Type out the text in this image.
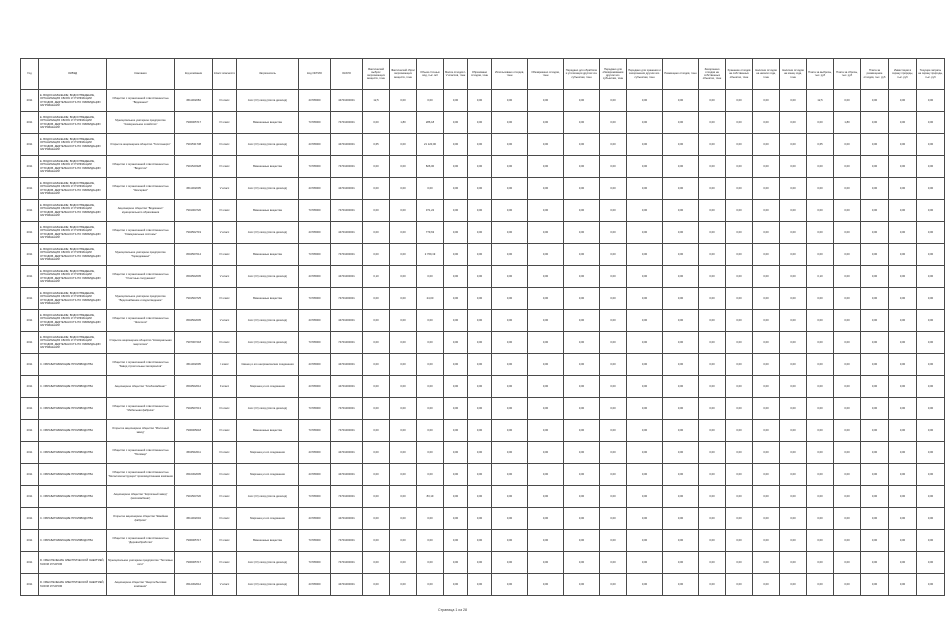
Год	ОКВЭД	Компания	Код компании	Класс опасности	Загрязнитель	Код ОКТМО	ОКАТО	Фактический выброс загрязняющих веществ, тонн	Фактический сброс загрязняющих веществ, тонн	Объем сточных вод, тыс. м3	Масса отходов I-V классов, тонн	Образовано отходов, тонн	Использовано отходов, тонн	Обезврежено отходов, тонн	Передано для обработки и утилизации другим хоз. субъектам, тонн	Передано для обезвреживания другим хоз. субъектам, тонн	Передано для хранения и захоронения другим хоз. субъектам, тонн	Размещено отходов, тонн	Захоронено отходов на собственных объектах, тонн	Хранение отходов на собственных объектах, тонн	Наличие отходов на начало года, тонн	Наличие отходов на конец года, тонн	Плата за выбросы, тыс. руб	Плата за сбросы, тыс. руб	Плата за размещение отходов, тыс. руб	Инвестиции в охрану природы, тыс. руб	Текущие затраты на охрану природы, тыс. руб
2011	Е. ВОДОСНАБЖЕНИЕ; ВОДООТВЕДЕНИЕ, ОРГАНИЗАЦИЯ СБОРА И УТИЛИЗАЦИИ ОТХОДОВ, ДЕЯТЕЛЬНОСТЬ ПО ЛИКВИДАЦИИ ЗАГРЯЗНЕНИЙ	Общество с ограниченной ответственностью "Водоканал"	4511302084	III класс	Азот (IV) оксид (Азота диоксид)	44705000	44701000001	12,5	0,00	0,00	0,00	0,00	0,00	0,00	0,00	0,00	0,00	0,00	0,00	0,00	0,00	0,00	12,5	0,00	0,00	0,00	0,00
2011	Е. ВОДОСНАБЖЕНИЕ; ВОДООТВЕДЕНИЕ, ОРГАНИЗАЦИЯ СБОРА И УТИЛИЗАЦИИ ОТХОДОВ, ДЕЯТЕЛЬНОСТЬ ПО ЛИКВИДАЦИИ ЗАГРЯЗНЕНИЙ	Муниципальное унитарное предприятие "Коммунальное хозяйство"	7906005717	IV класс	Взвешенные вещества	74705000	74701000001	0,00	1,80	286,18	0,00	0,00	0,00	0,00	0,00	0,00	0,00	0,00	0,00	0,00	0,00	0,00	0,00	1,80	0,00	0,00	0,00
2011	Е. ВОДОСНАБЖЕНИЕ; ВОДООТВЕДЕНИЕ, ОРГАНИЗАЦИЯ СБОРА И УТИЛИЗАЦИИ ОТХОДОВ, ДЕЯТЕЛЬНОСТЬ ПО ЛИКВИДАЦИИ ЗАГРЯЗНЕНИЙ	Открытое акционерное общество "Теплоэнерго"	7901531738	III класс	Азот (IV) оксид (Азота диоксид)	44705000	44701000001	0,65	0,00	21 120,00	0,00	0,00	0,00	0,00	0,00	0,00	0,00	0,00	0,00	0,00	0,00	0,00	0,65	0,00	0,00	0,00	0,00
2011	Е. ВОДОСНАБЖЕНИЕ; ВОДООТВЕДЕНИЕ, ОРГАНИЗАЦИЯ СБОРА И УТИЛИЗАЦИИ ОТХОДОВ, ДЕЯТЕЛЬНОСТЬ ПО ЛИКВИДАЦИИ ЗАГРЯЗНЕНИЙ	Общество с ограниченной ответственностью "Водосток"	7901520328	IV класс	Взвешенные вещества	74705000	74701000001	0,00	0,00	826,00	0,00	0,00	0,00	0,00	0,00	0,00	0,00	0,00	0,00	0,00	0,00	0,00	0,00	0,00	0,00	0,00	0,00
2011	Е. ВОДОСНАБЖЕНИЕ; ВОДООТВЕДЕНИЕ, ОРГАНИЗАЦИЯ СБОРА И УТИЛИЗАЦИИ ОТХОДОВ, ДЕЯТЕЛЬНОСТЬ ПО ЛИКВИДАЦИИ ЗАГРЯЗНЕНИЙ	Общество с ограниченной ответственностью "Экосервис"	4511302005	V класс	Азот (IV) оксид (Азота диоксид)	44705000	44701000001	0,00	0,00	0,00	0,00	0,00	0,00	0,00	0,00	0,00	0,00	0,00	0,00	0,00	0,00	0,00	0,00	0,00	0,00	0,00	0,00
2011	Е. ВОДОСНАБЖЕНИЕ; ВОДООТВЕДЕНИЕ, ОРГАНИЗАЦИЯ СБОРА И УТИЛИЗАЦИИ ОТХОДОВ, ДЕЯТЕЛЬНОСТЬ ПО ЛИКВИДАЦИИ ЗАГРЯЗНЕНИЙ	Акционерное общество "Водоканал" муниципального образования	7901003720	IV класс	Взвешенные вещества	74705000	74701000001	0,00	0,00	371,22	0,00	0,00	0,00	0,00	0,00	0,00	0,00	0,00	0,00	0,00	0,00	0,00	0,00	0,00	0,00	0,00	0,00
2011	Е. ВОДОСНАБЖЕНИЕ; ВОДООТВЕДЕНИЕ, ОРГАНИЗАЦИЯ СБОРА И УТИЛИЗАЦИИ ОТХОДОВ, ДЕЯТЕЛЬНОСТЬ ПО ЛИКВИДАЦИИ ЗАГРЯЗНЕНИЙ	Общество с ограниченной ответственностью "Коммунальные системы"	7904502719	V класс	Азот (IV) оксид (Азота диоксид)	44705000	44701000001	0,00	0,00	779,63	0,00	0,00	0,00	0,00	0,00	0,00	0,00	0,00	0,00	0,00	0,00	0,00	0,00	0,00	0,00	0,00	0,00
2011	Е. ВОДОСНАБЖЕНИЕ; ВОДООТВЕДЕНИЕ, ОРГАНИЗАЦИЯ СБОРА И УТИЛИЗАЦИИ ОТХОДОВ, ДЕЯТЕЛЬНОСТЬ ПО ЛИКВИДАЦИИ ЗАГРЯЗНЕНИЙ	Муниципальное унитарное предприятие "Горводоканал"	4504507014	IV класс	Взвешенные вещества	74705000	74701000001	0,00	0,00	2 769,19	0,00	0,00	0,00	0,00	0,00	0,00	0,00	0,00	0,00	0,00	0,00	0,00	0,00	0,00	0,00	0,00	0,00
2011	Е. ВОДОСНАБЖЕНИЕ; ВОДООТВЕДЕНИЕ, ОРГАНИЗАЦИЯ СБОРА И УТИЛИЗАЦИИ ОТХОДОВ, ДЕЯТЕЛЬНОСТЬ ПО ЛИКВИДАЦИИ ЗАГРЯЗНЕНИЙ	Общество с ограниченной ответственностью "Очистные сооружения"	4504502005	V класс	Азот (IV) оксид (Азота диоксид)	44705000	44701000001	0,10	0,00	0,00	0,00	0,00	0,00	0,00	0,00	0,00	0,00	0,00	0,00	0,00	0,00	0,00	0,10	0,00	0,00	0,00	0,00
2011	Е. ВОДОСНАБЖЕНИЕ; ВОДООТВЕДЕНИЕ, ОРГАНИЗАЦИЯ СБОРА И УТИЛИЗАЦИИ ОТХОДОВ, ДЕЯТЕЛЬНОСТЬ ПО ЛИКВИДАЦИИ ЗАГРЯЗНЕНИЙ	Муниципальное унитарное предприятие "Водоснабжение и водоотведение"	7901503725	IV класс	Взвешенные вещества	74705000	74701000001	0,00	0,00	24,00	0,00	0,00	0,00	0,00	0,00	0,00	0,00	0,00	0,00	0,00	0,00	0,00	0,00	0,00	0,00	0,00	0,00
2011	Е. ВОДОСНАБЖЕНИЕ; ВОДООТВЕДЕНИЕ, ОРГАНИЗАЦИЯ СБОРА И УТИЛИЗАЦИИ ОТХОДОВ, ДЕЯТЕЛЬНОСТЬ ПО ЛИКВИДАЦИИ ЗАГРЯЗНЕНИЙ	Общество с ограниченной ответственностью "Экология"	4504502005	V класс	Азот (IV) оксид (Азота диоксид)	44705000	44701000001	0,00	0,00	0,00	0,00	0,00	0,00	0,00	0,00	0,00	0,00	0,00	0,00	0,00	0,00	0,00	0,00	0,00	0,00	0,00	0,00
2011	Е. ВОДОСНАБЖЕНИЕ; ВОДООТВЕДЕНИЕ, ОРГАНИЗАЦИЯ СБОРА И УТИЛИЗАЦИИ ОТХОДОВ, ДЕЯТЕЛЬНОСТЬ ПО ЛИКВИДАЦИИ ЗАГРЯЗНЕНИЙ	Открытое акционерное общество "Коммунальная энергетика"	7907007218	III класс	Азот (IV) оксид (Азота диоксид)	74705000	74701000001	0,00	0,00	0,00	0,00	0,00	0,00	0,00	0,00	0,00	0,00	0,00	0,00	0,00	0,00	0,00	0,00	0,00	0,00	0,00	0,00
2011	С. ОБРАБАТЫВАЮЩИЕ ПРОИЗВОДСТВА	Общество с ограниченной ответственностью "Завод строительных материалов"	4511302005	I класс	Свинец и его неорганические соединения	44705000	44701000001	0,00	0,00	0,00	0,00	0,00	0,00	0,00	0,00	0,00	0,00	0,00	0,00	0,00	0,00	0,00	0,00	0,00	0,00	0,00	0,00
2011	С. ОБРАБАТЫВАЮЩИЕ ПРОИЗВОДСТВА	Акционерное общество "Хлебокомбинат"	4504502012	II класс	Марганец и его соединения	44705000	44701000001	0,00	0,00	0,00	0,00	0,00	0,00	0,00	0,00	0,00	0,00	0,00	0,00	0,00	0,00	0,00	0,00	0,00	0,00	0,00	0,00
2011	С. ОБРАБАТЫВАЮЩИЕ ПРОИЗВОДСТВА	Общество с ограниченной ответственностью "Мебельная фабрика"	7904507013	III класс	Азот (IV) оксид (Азота диоксид)	74705000	74701000001	0,00	0,00	0,00	0,00	0,00	0,00	0,00	0,00	0,00	0,00	0,00	0,00	0,00	0,00	0,00	0,00	0,00	0,00	0,00	0,00
2011	С. ОБРАБАТЫВАЮЩИЕ ПРОИЗВОДСТВА	Открытое акционерное общество "Молочный завод"	7906005018	IV класс	Взвешенные вещества	74705000	74701000001	0,00	0,00	0,00	0,00	0,00	0,00	0,00	0,00	0,00	0,00	0,00	0,00	0,00	0,00	0,00	0,00	0,00	0,00	0,00	0,00
2011	С. ОБРАБАТЫВАЮЩИЕ ПРОИЗВОДСТВА	Общество с ограниченной ответственностью "Полимер"	4504502011	III класс	Марганец и его соединения	44705000	44701000001	0,00	0,00	0,00	0,00	0,00	0,00	0,00	0,00	0,00	0,00	0,00	0,00	0,00	0,00	0,00	0,00	0,00	0,00	0,00	0,00
2011	С. ОБРАБАТЫВАЮЩИЕ ПРОИЗВОДСТВА	Общество с ограниченной ответственностью "Металлоконструкции" производственная компания	4510302005	III класс	Марганец и его соединения	44705000	44701000001	0,00	0,00	0,00	0,00	0,00	0,00	0,00	0,00	0,00	0,00	0,00	0,00	0,00	0,00	0,00	0,00	0,00	0,00	0,00	0,00
2011	С. ОБРАБАТЫВАЮЩИЕ ПРОИЗВОДСТВА	Акционерное общество "Кирпичный завод" (мясокомбинат)	7901503720	IV класс	Азот (IV) оксид (Азота диоксид)	74705000	74701000001	0,00	0,00	83,19	0,00	0,00	0,00	0,00	0,00	0,00	0,00	0,00	0,00	0,00	0,00	0,00	0,00	0,00	0,00	0,00	0,00
2011	С. ОБРАБАТЫВАЮЩИЕ ПРОИЗВОДСТВА	Открытое акционерное общество "Швейная фабрика"	4511302004	III класс	Марганец и его соединения	44705000	44701000001	0,00	0,00	0,00	0,00	0,00	0,00	0,00	0,00	0,00	0,00	0,00	0,00	0,00	0,00	0,00	0,00	0,00	0,00	0,00	0,00
2011	С. ОБРАБАТЫВАЮЩИЕ ПРОИЗВОДСТВА	Общество с ограниченной ответственностью "Деревообработка"	7906005717	IV класс	Взвешенные вещества	74705000	74701000001	0,00	0,00	0,00	0,00	0,00	0,00	0,00	0,00	0,00	0,00	0,00	0,00	0,00	0,00	0,00	0,00	0,00	0,00	0,00	0,00
2011	D. ОБЕСПЕЧЕНИЕ ЭЛЕКТРИЧЕСКОЙ ЭНЕРГИЕЙ, ГАЗОМ И ПАРОМ	Муниципальное унитарное предприятие "Тепловые сети"	7906005717	IV класс	Азот (IV) оксид (Азота диоксид)	74705000	74701000001	0,00	0,00	0,00	0,00	0,00	0,00	0,00	0,00	0,00	0,00	0,00	0,00	0,00	0,00	0,00	0,00	0,00	0,00	0,00	0,00
2011	D. ОБЕСПЕЧЕНИЕ ЭЛЕКТРИЧЕСКОЙ ЭНЕРГИЕЙ, ГАЗОМ И ПАРОМ	Акционерное общество "Энергосбытовая компания"	4512302012	V класс	Азот (IV) оксид (Азота диоксид)	44705000	44701000001	0,00	0,00	0,00	0,00	0,00	0,00	0,00	0,00	0,00	0,00	0,00	0,00	0,00	0,00	0,00	0,00	0,00	0,00	0,00	0,00
Страница 1 из 28
